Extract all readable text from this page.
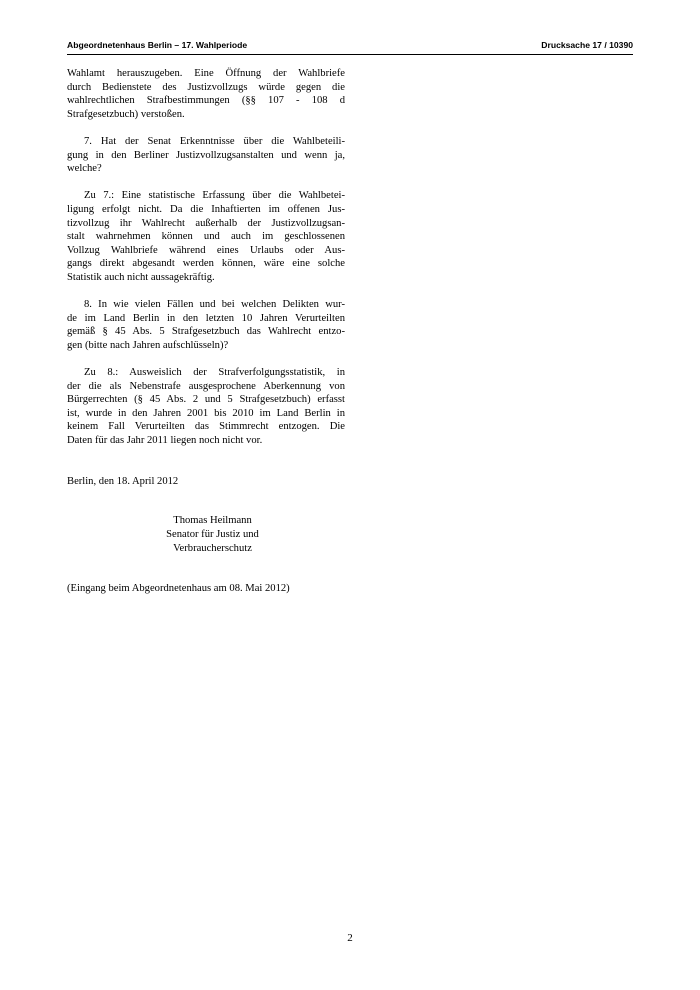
Abgeordnetenhaus Berlin – 17. Wahlperiode	Drucksache 17 / 10390
Wahlamt herauszugeben. Eine Öffnung der Wahlbriefe
durch Bedienstete des Justizvollzugs würde gegen die
wahlrechtlichen Strafbestimmungen (§§ 107 - 108 d
Strafgesetzbuch) verstoßen.
7. Hat der Senat Erkenntnisse über die Wahlbeteili-
gung in den Berliner Justizvollzugsanstalten und wenn ja,
welche?
Zu 7.: Eine statistische Erfassung über die Wahlbetei-
ligung erfolgt nicht. Da die Inhaftierten im offenen Jus-
tizvollzug ihr Wahlrecht außerhalb der Justizvollzugsan-
stalt wahrnehmen können und auch im geschlossenen
Vollzug Wahlbriefe während eines Urlaubs oder Aus-
gangs direkt abgesandt werden können, wäre eine solche
Statistik auch nicht aussagekräftig.
8. In wie vielen Fällen und bei welchen Delikten wur-
de im Land Berlin in den letzten 10 Jahren Verurteilten
gemäß § 45 Abs. 5 Strafgesetzbuch das Wahlrecht entzo-
gen (bitte nach Jahren aufschlüsseln)?
Zu 8.: Ausweislich der Strafverfolgungsstatistik, in
der die als Nebenstrafe ausgesprochene Aberkennung von
Bürgerrechten (§ 45 Abs. 2 und 5 Strafgesetzbuch) erfasst
ist, wurde in den Jahren 2001 bis 2010 im Land Berlin in
keinem Fall Verurteilten das Stimmrecht entzogen. Die
Daten für das Jahr 2011 liegen noch nicht vor.
Berlin, den 18. April 2012
Thomas Heilmann
Senator für Justiz und
Verbraucherschutz
(Eingang beim Abgeordnetenhaus am 08. Mai 2012)
2
